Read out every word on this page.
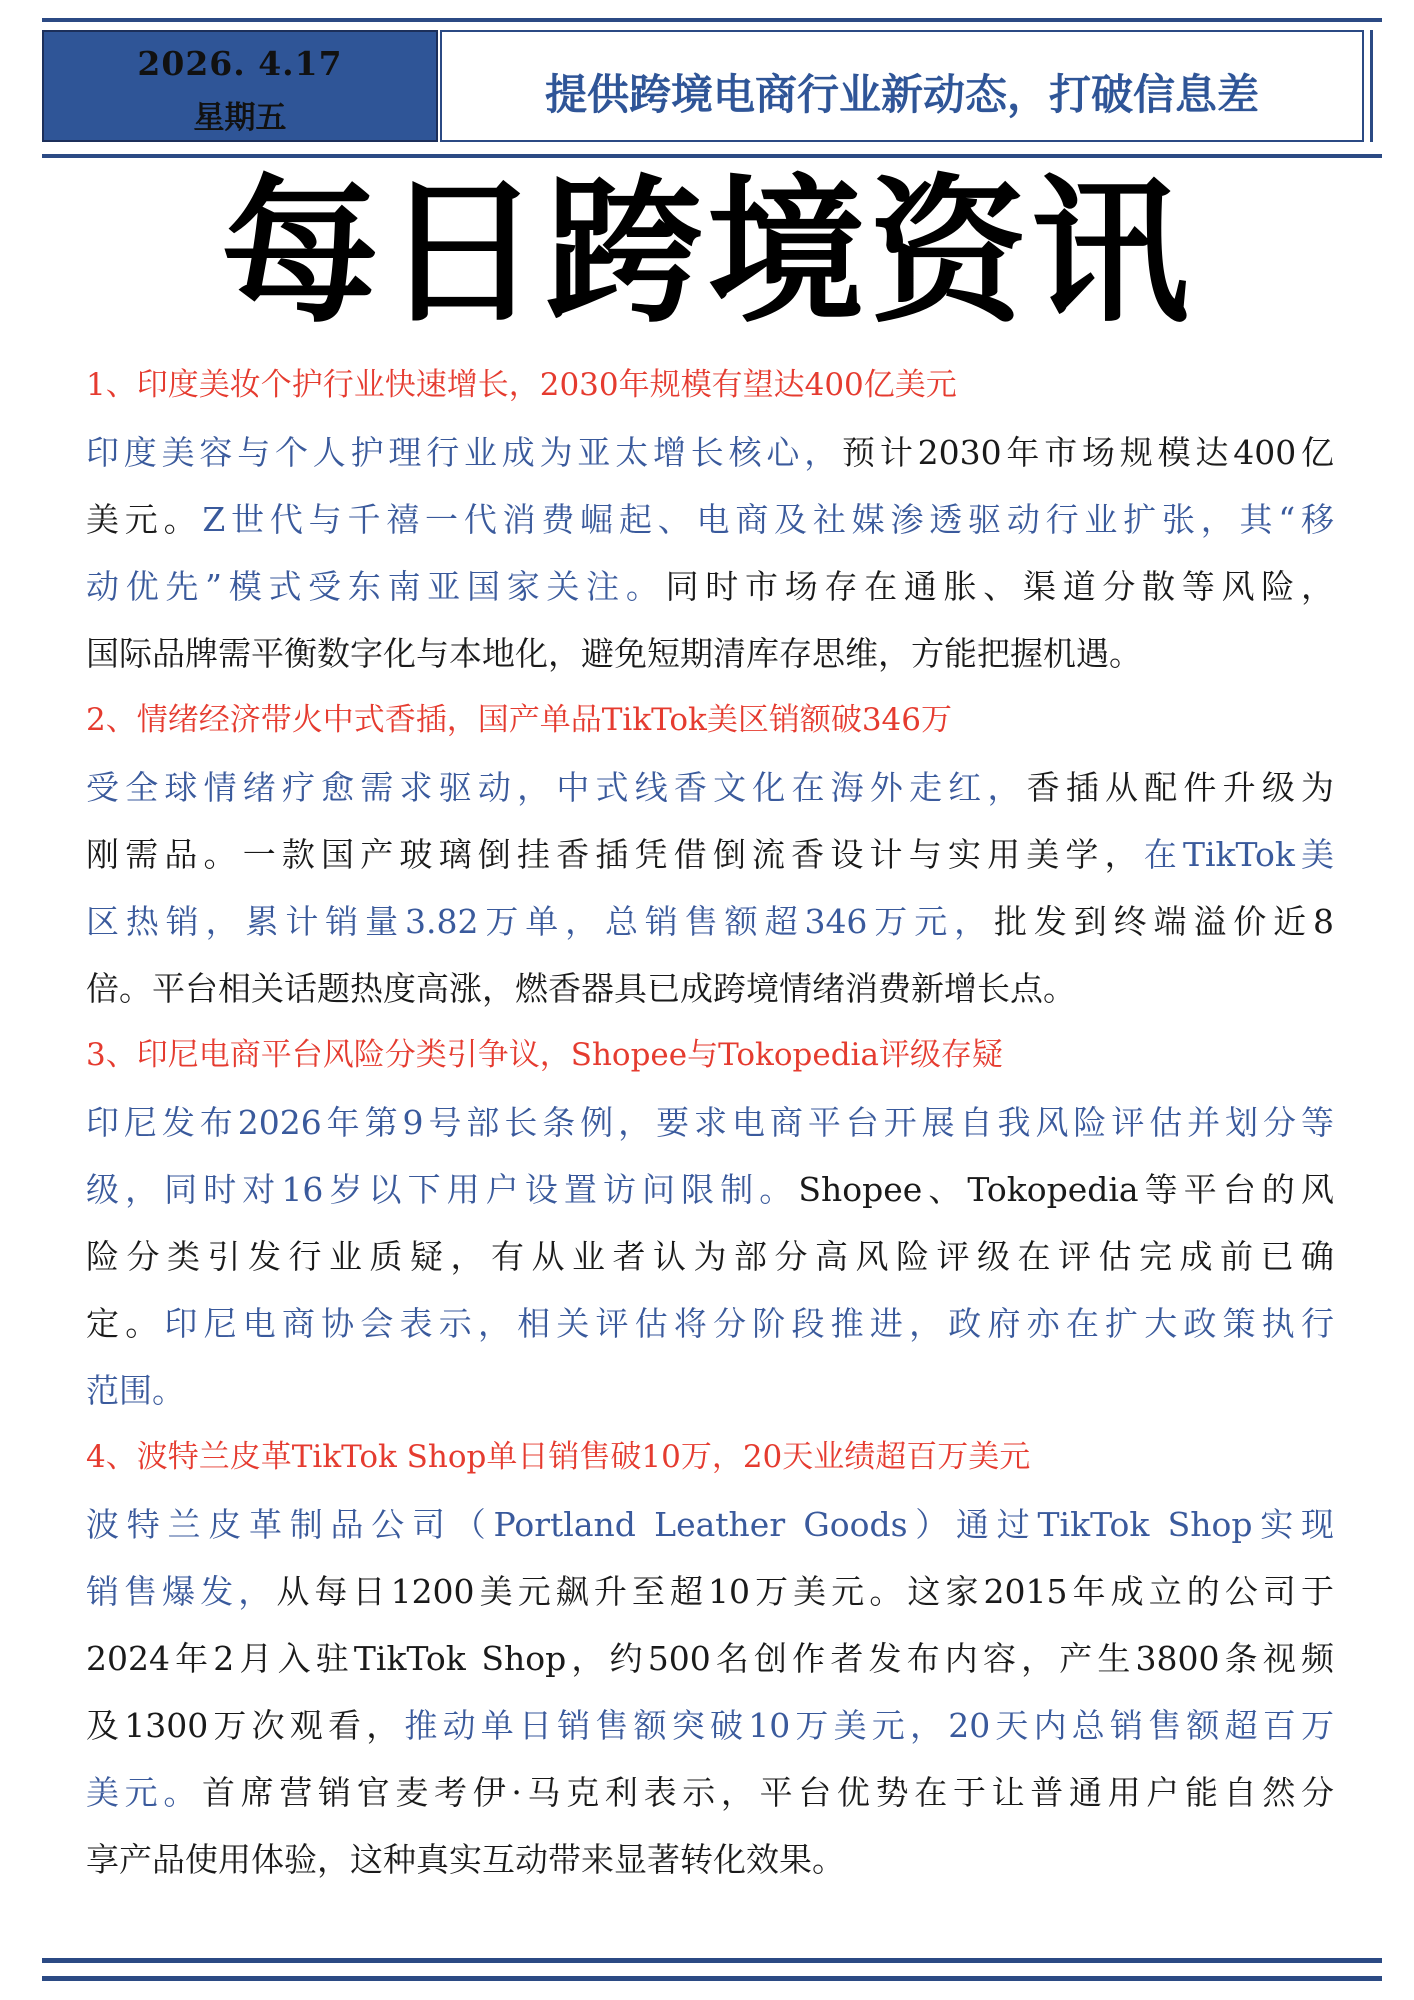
2026. 4.17
星期五	提供跨境电商行业新动态，打破信息差
每日跨境资讯
1、印度美妆个护行业快速增长，2030年规模有望达400亿美元
印度美容与个人护理行业成为亚太增长核心，预计2030年市场规模达400亿
美元。Z世代与千禧一代消费崛起、电商及社媒渗透驱动行业扩张，其“移
动优先”模式受东南亚国家关注。同时市场存在通胀、渠道分散等风险，
国际品牌需平衡数字化与本地化，避免短期清库存思维，方能把握机遇。
2、情绪经济带火中式香插，国产单品TikTok美区销额破346万
受全球情绪疗愈需求驱动，中式线香文化在海外走红，香插从配件升级为
刚需品。一款国产玻璃倒挂香插凭借倒流香设计与实用美学，在TikTok美
区热销，累计销量3.82万单，总销售额超346万元，批发到终端溢价近8
倍。平台相关话题热度高涨，燃香器具已成跨境情绪消费新增长点。
3、印尼电商平台风险分类引争议，Shopee与Tokopedia评级存疑
印尼发布2026年第9号部长条例，要求电商平台开展自我风险评估并划分等
级，同时对16岁以下用户设置访问限制。Shopee、Tokopedia等平台的风
险分类引发行业质疑，有从业者认为部分高风险评级在评估完成前已确
定。印尼电商协会表示，相关评估将分阶段推进，政府亦在扩大政策执行
范围。
4、波特兰皮革TikTok Shop单日销售破10万，20天业绩超百万美元
波特兰皮革制品公司（Portland Leather Goods）通过TikTok Shop实现
销售爆发，从每日1200美元飙升至超10万美元。这家2015年成立的公司于
2024年2月入驻TikTok Shop，约500名创作者发布内容，产生3800条视频
及1300万次观看，推动单日销售额突破10万美元，20天内总销售额超百万
美元。首席营销官麦考伊·马克利表示，平台优势在于让普通用户能自然分
享产品使用体验，这种真实互动带来显著转化效果。
